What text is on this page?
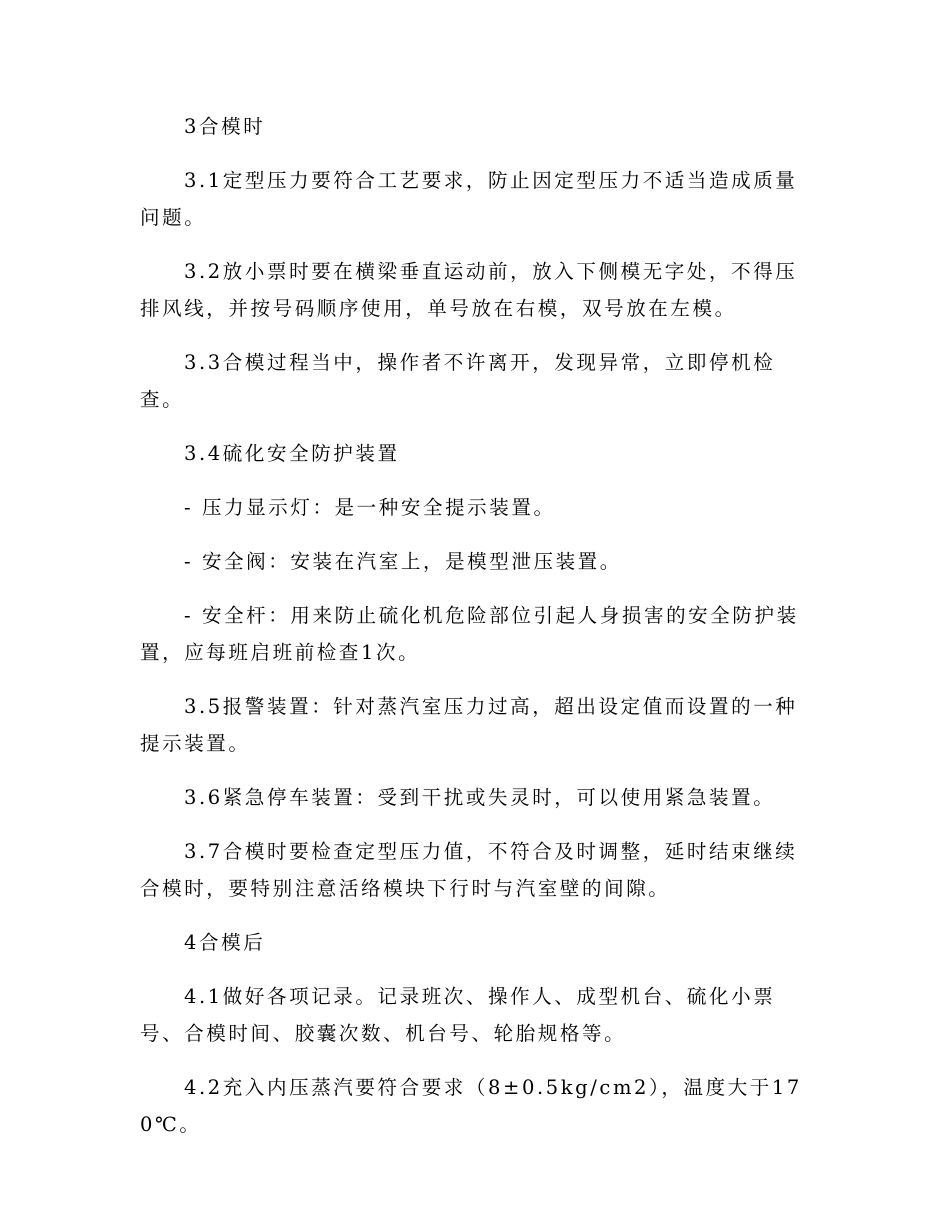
3合模时

3.1定型压力要符合工艺要求，防止因定型压力不适当造成质量问题。

3.2放小票时要在横梁垂直运动前，放入下侧模无字处，不得压排风线，并按号码顺序使用，单号放在右模，双号放在左模。

3.3合模过程当中，操作者不许离开，发现异常，立即停机检查。

3.4硫化安全防护装置

- 压力显示灯：是一种安全提示装置。

- 安全阀：安装在汽室上，是模型泄压装置。

- 安全杆：用来防止硫化机危险部位引起人身损害的安全防护装置，应每班启班前检查1次。

3.5报警装置：针对蒸汽室压力过高，超出设定值而设置的一种提示装置。

3.6紧急停车装置：受到干扰或失灵时，可以使用紧急装置。

3.7合模时要检查定型压力值，不符合及时调整，延时结束继续合模时，要特别注意活络模块下行时与汽室壁的间隙。

4合模后

4.1做好各项记录。记录班次、操作人、成型机台、硫化小票号、合模时间、胶囊次数、机台号、轮胎规格等。

4.2充入内压蒸汽要符合要求（8±0.5kg/cm2），温度大于170℃。
